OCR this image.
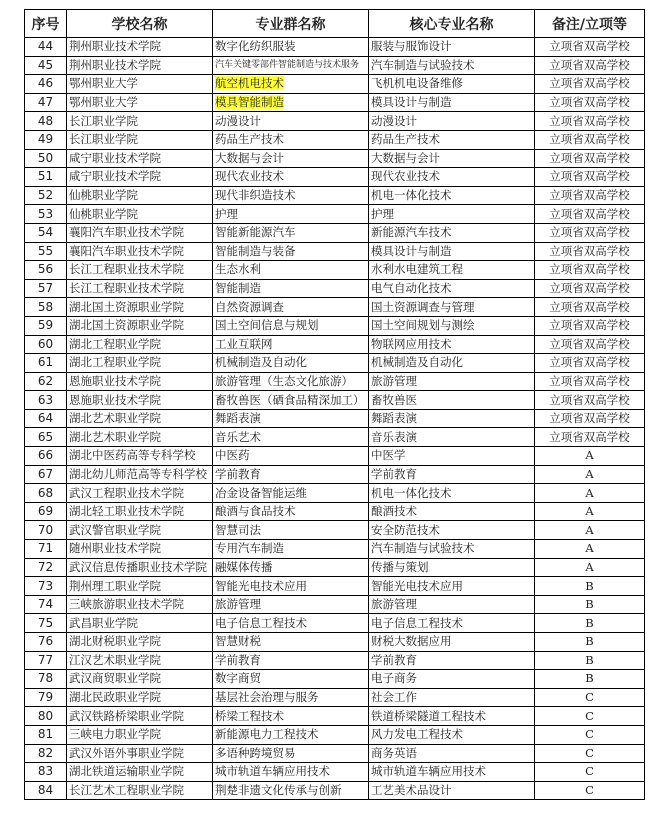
序号	学校名称	专业群名称	核心专业名称	备注/立项等
44	荆州职业技术学院	数字化纺织服装	服装与服饰设计	立项省双高学校
45	荆州职业技术学院	汽车关键零部件智能制造与技术服务	汽车制造与试验技术	立项省双高学校
46	鄂州职业大学	航空机电技术	飞机机电设备维修	立项省双高学校
47	鄂州职业大学	模具智能制造	模具设计与制造	立项省双高学校
48	长江职业学院	动漫设计	动漫设计	立项省双高学校
49	长江职业学院	药品生产技术	药品生产技术	立项省双高学校
50	咸宁职业技术学院	大数据与会计	大数据与会计	立项省双高学校
51	咸宁职业技术学院	现代农业技术	现代农业技术	立项省双高学校
52	仙桃职业学院	现代非织造技术	机电一体化技术	立项省双高学校
53	仙桃职业学院	护理	护理	立项省双高学校
54	襄阳汽车职业技术学院	智能新能源汽车	新能源汽车技术	立项省双高学校
55	襄阳汽车职业技术学院	智能制造与装备	模具设计与制造	立项省双高学校
56	长江工程职业技术学院	生态水利	水利水电建筑工程	立项省双高学校
57	长江工程职业技术学院	智能制造	电气自动化技术	立项省双高学校
58	湖北国土资源职业学院	自然资源调查	国土资源调查与管理	立项省双高学校
59	湖北国土资源职业学院	国土空间信息与规划	国土空间规划与测绘	立项省双高学校
60	湖北工程职业学院	工业互联网	物联网应用技术	立项省双高学校
61	湖北工程职业学院	机械制造及自动化	机械制造及自动化	立项省双高学校
62	恩施职业技术学院	旅游管理（生态文化旅游）	旅游管理	立项省双高学校
63	恩施职业技术学院	畜牧兽医（硒食品精深加工）	畜牧兽医	立项省双高学校
64	湖北艺术职业学院	舞蹈表演	舞蹈表演	立项省双高学校
65	湖北艺术职业学院	音乐艺术	音乐表演	立项省双高学校
66	湖北中医药高等专科学校	中医药	中医学	A
67	湖北幼儿师范高等专科学校	学前教育	学前教育	A
68	武汉工程职业技术学院	冶金设备智能运维	机电一体化技术	A
69	湖北轻工职业技术学院	酿酒与食品技术	酿酒技术	A
70	武汉警官职业学院	智慧司法	安全防范技术	A
71	随州职业技术学院	专用汽车制造	汽车制造与试验技术	A
72	武汉信息传播职业技术学院	融媒体传播	传播与策划	A
73	荆州理工职业学院	智能光电技术应用	智能光电技术应用	B
74	三峡旅游职业技术学院	旅游管理	旅游管理	B
75	武昌职业学院	电子信息工程技术	电子信息工程技术	B
76	湖北财税职业学院	智慧财税	财税大数据应用	B
77	江汉艺术职业学院	学前教育	学前教育	B
78	武汉商贸职业学院	数字商贸	电子商务	B
79	湖北民政职业学院	基层社会治理与服务	社会工作	C
80	武汉铁路桥梁职业学院	桥梁工程技术	铁道桥梁隧道工程技术	C
81	三峡电力职业学院	新能源电力工程技术	风力发电工程技术	C
82	武汉外语外事职业学院	多语种跨境贸易	商务英语	C
83	湖北铁道运输职业学院	城市轨道车辆应用技术	城市轨道车辆应用技术	C
84	长江艺术工程职业学院	荆楚非遗文化传承与创新	工艺美术品设计	C
